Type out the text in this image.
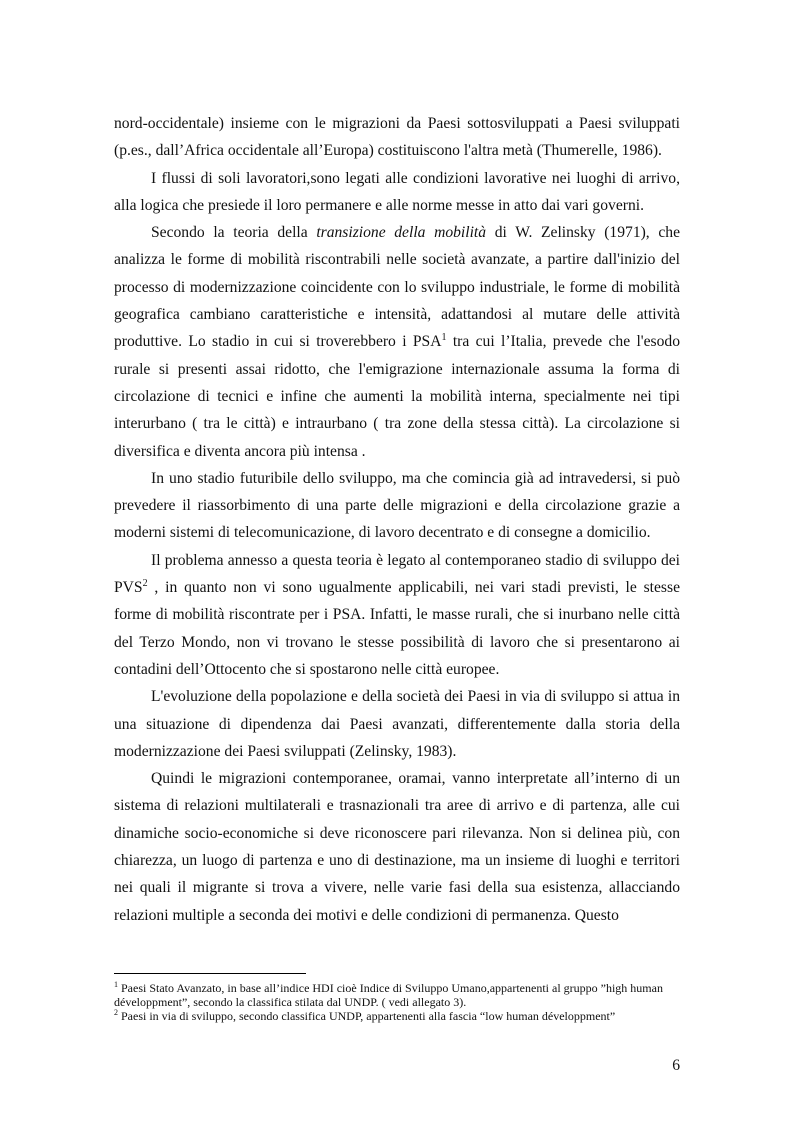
nord-occidentale) insieme con le migrazioni da Paesi sottosviluppati a Paesi sviluppati (p.es., dall’Africa occidentale all’Europa) costituiscono l'altra metà (Thumerelle, 1986).

I flussi di soli lavoratori,sono legati alle condizioni lavorative nei luoghi di arrivo, alla logica che presiede il loro permanere e alle norme messe in atto dai vari governi.

Secondo la teoria della transizione della mobilità di W. Zelinsky (1971), che analizza le forme di mobilità riscontrabili nelle società avanzate, a partire dall'inizio del processo di modernizzazione coincidente con lo sviluppo industriale, le forme di mobilità geografica cambiano caratteristiche e intensità, adattandosi al mutare delle attività produttive. Lo stadio in cui si troverebbero i PSA$^1$ tra cui l’Italia, prevede che l'esodo rurale si presenti assai ridotto, che l'emigrazione internazionale assuma la forma di circolazione di tecnici e infine che aumenti la mobilità interna, specialmente nei tipi interurbano ( tra le città) e intraurbano ( tra zone della stessa città). La circolazione si diversifica e diventa ancora più intensa .

In uno stadio futuribile dello sviluppo, ma che comincia già ad intravedersi, si può prevedere il riassorbimento di una parte delle migrazioni e della circolazione grazie a moderni sistemi di telecomunicazione, di lavoro decentrato e di consegne a domicilio.

Il problema annesso a questa teoria è legato al contemporaneo stadio di sviluppo dei PVS$^2$ , in quanto non vi sono ugualmente applicabili, nei vari stadi previsti, le stesse forme di mobilità riscontrate per i PSA. Infatti, le masse rurali, che si inurbano nelle città del Terzo Mondo, non vi trovano le stesse possibilità di lavoro che si presentarono ai contadini dell’Ottocento che si spostarono nelle città europee.

L'evoluzione della popolazione e della società dei Paesi in via di sviluppo si attua in una situazione di dipendenza dai Paesi avanzati, differentemente dalla storia della modernizzazione dei Paesi sviluppati (Zelinsky, 1983).

Quindi le migrazioni contemporanee, oramai, vanno interpretate all’interno di un sistema di relazioni multilaterali e trasnazionali tra aree di arrivo e di partenza, alle cui dinamiche socio-economiche si deve riconoscere pari rilevanza. Non si delinea più, con chiarezza, un luogo di partenza e uno di destinazione, ma un insieme di luoghi e territori nei quali il migrante si trova a vivere, nelle varie fasi della sua esistenza, allacciando relazioni multiple a seconda dei motivi e delle condizioni di permanenza. Questo

$^1$ Paesi Stato Avanzato, in base all’indice HDI cioè Indice di Sviluppo Umano,appartenenti al gruppo ”high human développment”, secondo la classifica stilata dal UNDP. ( vedi allegato 3).

$^2$ Paesi in via di sviluppo, secondo classifica UNDP, appartenenti alla fascia “low human développment”

6
